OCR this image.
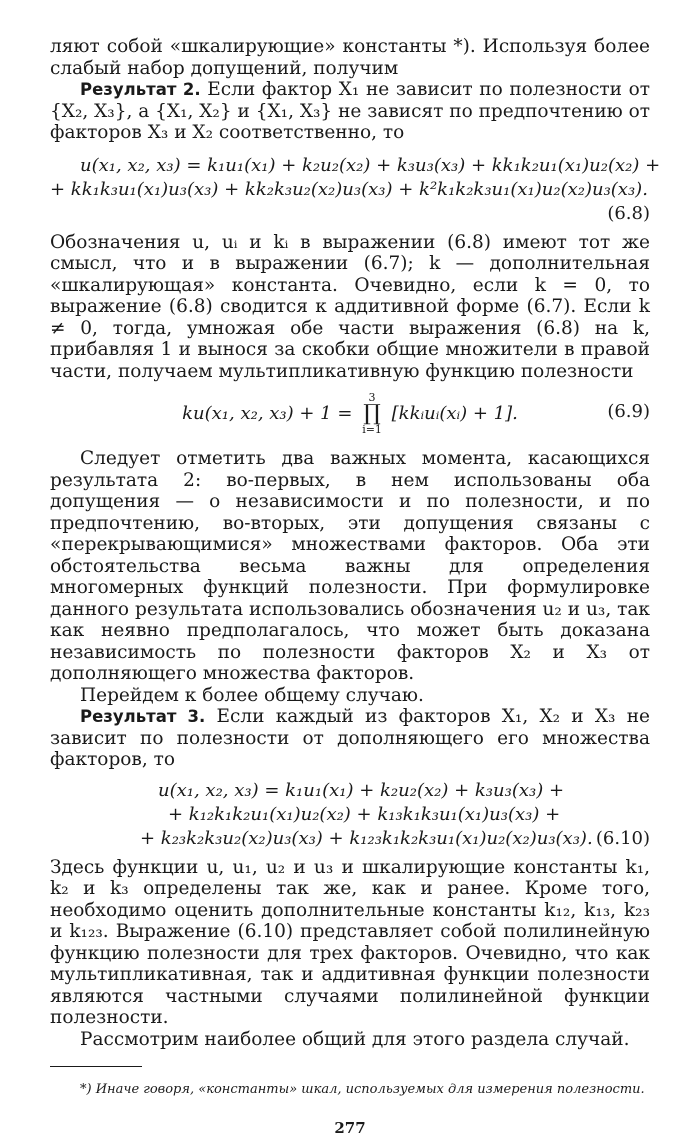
ляют собой «шкалирующие» константы *). Используя более слабый набор допущений, получим

Результат 2. Если фактор X₁ не зависит по полезности от {X₂, X₃}, а {X₁, X₂} и {X₁, X₃} не зависят по предпочтению от факторов X₃ и X₂ соответственно, то

u(x₁, x₂, x₃) = k₁u₁(x₁) + k₂u₂(x₂) + k₃u₃(x₃) + kk₁k₂u₁(x₁)u₂(x₂) +
+ kk₁k₃u₁(x₁)u₃(x₃) + kk₂k₃u₂(x₂)u₃(x₃) + k²k₁k₂k₃u₁(x₁)u₂(x₂)u₃(x₃).
(6.8)

Обозначения u, uᵢ и kᵢ в выражении (6.8) имеют тот же смысл, что и в выражении (6.7); k — дополнительная «шкалирующая» константа. Очевидно, если k = 0, то выражение (6.8) сводится к аддитивной форме (6.7). Если k ≠ 0, тогда, умножая обе части выражения (6.8) на k, прибавляя 1 и вынося за скобки общие множители в правой части, получаем мультипликативную функцию полезности

ku(x₁, x₂, x₃) + 1 =
3
∏
i=1
[kkᵢuᵢ(xᵢ) + 1].	(6.9)

Следует отметить два важных момента, касающихся результата 2: во-первых, в нем использованы оба допущения — о независимости и по полезности, и по предпочтению, во-вторых, эти допущения связаны с «перекрывающимися» множествами факторов. Оба эти обстоятельства весьма важны для определения многомерных функций полезности. При формулировке данного результата использовались обозначения u₂ и u₃, так как неявно предполагалось, что может быть доказана независимость по полезности факторов X₂ и X₃ от дополняющего множества факторов.

Перейдем к более общему случаю.

Результат 3. Если каждый из факторов X₁, X₂ и X₃ не зависит по полезности от дополняющего его множества факторов, то

u(x₁, x₂, x₃) = k₁u₁(x₁) + k₂u₂(x₂) + k₃u₃(x₃) +
+ k₁₂k₁k₂u₁(x₁)u₂(x₂) + k₁₃k₁k₃u₁(x₁)u₃(x₃) +
+ k₂₃k₂k₃u₂(x₂)u₃(x₃) + k₁₂₃k₁k₂k₃u₁(x₁)u₂(x₂)u₃(x₃). (6.10)

Здесь функции u, u₁, u₂ и u₃ и шкалирующие константы k₁, k₂ и k₃ определены так же, как и ранее. Кроме того, необходимо оценить дополнительные константы k₁₂, k₁₃, k₂₃ и k₁₂₃. Выражение (6.10) представляет собой полилинейную функцию полезности для трех факторов. Очевидно, что как мультипликативная, так и аддитивная функции полезности являются частными случаями полилинейной функции полезности.

Рассмотрим наиболее общий для этого раздела случай.

*) Иначе говоря, «константы» шкал, используемых для измерения полезности.

277
